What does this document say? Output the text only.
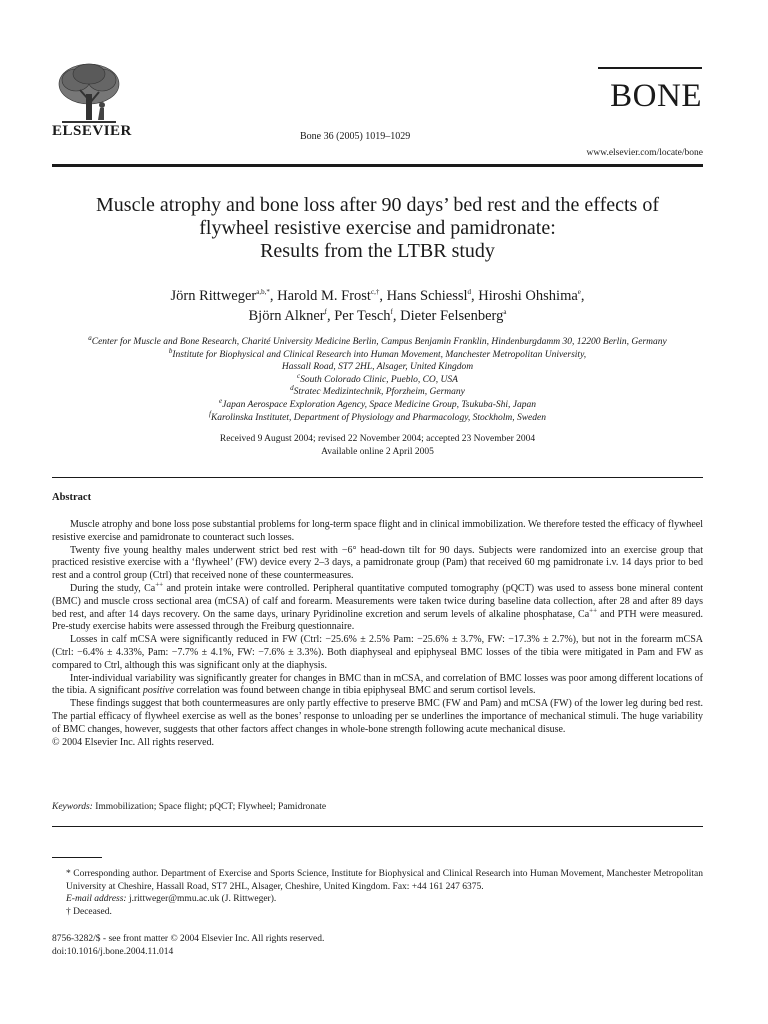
ELSEVIER	Bone 36 (2005) 1019–1029
BONE
www.elsevier.com/locate/bone
Muscle atrophy and bone loss after 90 days’ bed rest and the effects of
flywheel resistive exercise and pamidronate:
Results from the LTBR study
Jörn Rittweger$^{a,b,*}$, Harold M. Frost$^{c,\dagger}$, Hans Schiessl$^d$, Hiroshi Ohshima$^e$,
Björn Alkner$^f$, Per Tesch$^f$, Dieter Felsenberg$^a$
$^a$Center for Muscle and Bone Research, Charité University Medicine Berlin, Campus Benjamin Franklin, Hindenburgdamm 30, 12200 Berlin, Germany
$^b$Institute for Biophysical and Clinical Research into Human Movement, Manchester Metropolitan University,
Hassall Road, ST7 2HL, Alsager, United Kingdom
$^c$South Colorado Clinic, Pueblo, CO, USA
$^d$Stratec Medizintechnik, Pforzheim, Germany
$^e$Japan Aerospace Exploration Agency, Space Medicine Group, Tsukuba-Shi, Japan
$^f$Karolinska Institutet, Department of Physiology and Pharmacology, Stockholm, Sweden
Received 9 August 2004; revised 22 November 2004; accepted 23 November 2004
Available online 2 April 2005
Abstract

Muscle atrophy and bone loss pose substantial problems for long-term space flight and in clinical immobilization. We therefore tested the efficacy of flywheel resistive exercise and pamidronate to counteract such losses.

Twenty five young healthy males underwent strict bed rest with −6° head-down tilt for 90 days. Subjects were randomized into an exercise group that practiced resistive exercise with a ‘flywheel’ (FW) device every 2–3 days, a pamidronate group (Pam) that received 60 mg pamidronate i.v. 14 days prior to bed rest and a control group (Ctrl) that received none of these countermeasures.

During the study, Ca++ and protein intake were controlled. Peripheral quantitative computed tomography (pQCT) was used to assess bone mineral content (BMC) and muscle cross sectional area (mCSA) of calf and forearm. Measurements were taken twice during baseline data collection, after 28 and after 89 days bed rest, and after 14 days recovery. On the same days, urinary Pyridinoline excretion and serum levels of alkaline phosphatase, Ca++ and PTH were measured. Pre-study exercise habits were assessed through the Freiburg questionnaire.

Losses in calf mCSA were significantly reduced in FW (Ctrl: −25.6% ± 2.5% Pam: −25.6% ± 3.7%, FW: −17.3% ± 2.7%), but not in the forearm mCSA (Ctrl: −6.4% ± 4.33%, Pam: −7.7% ± 4.1%, FW: −7.6% ± 3.3%). Both diaphyseal and epiphyseal BMC losses of the tibia were mitigated in Pam and FW as compared to Ctrl, although this was significant only at the diaphysis.

Inter-individual variability was significantly greater for changes in BMC than in mCSA, and correlation of BMC losses was poor among different locations of the tibia. A significant positive correlation was found between change in tibia epiphyseal BMC and serum cortisol levels.

These findings suggest that both countermeasures are only partly effective to preserve BMC (FW and Pam) and mCSA (FW) of the lower leg during bed rest. The partial efficacy of flywheel exercise as well as the bones’ response to unloading per se underlines the importance of mechanical stimuli. The huge variability of BMC changes, however, suggests that other factors affect changes in whole-bone strength following acute mechanical disuse.

© 2004 Elsevier Inc. All rights reserved.

Keywords: Immobilization; Space flight; pQCT; Flywheel; Pamidronate
* Corresponding author. Department of Exercise and Sports Science, Institute for Biophysical and Clinical Research into Human Movement, Manchester Metropolitan University at Cheshire, Hassall Road, ST7 2HL, Alsager, Cheshire, United Kingdom. Fax: +44 161 247 6375.
E-mail address: j.rittweger@mmu.ac.uk (J. Rittweger).
† Deceased.
8756-3282/$ - see front matter © 2004 Elsevier Inc. All rights reserved.
doi:10.1016/j.bone.2004.11.014
